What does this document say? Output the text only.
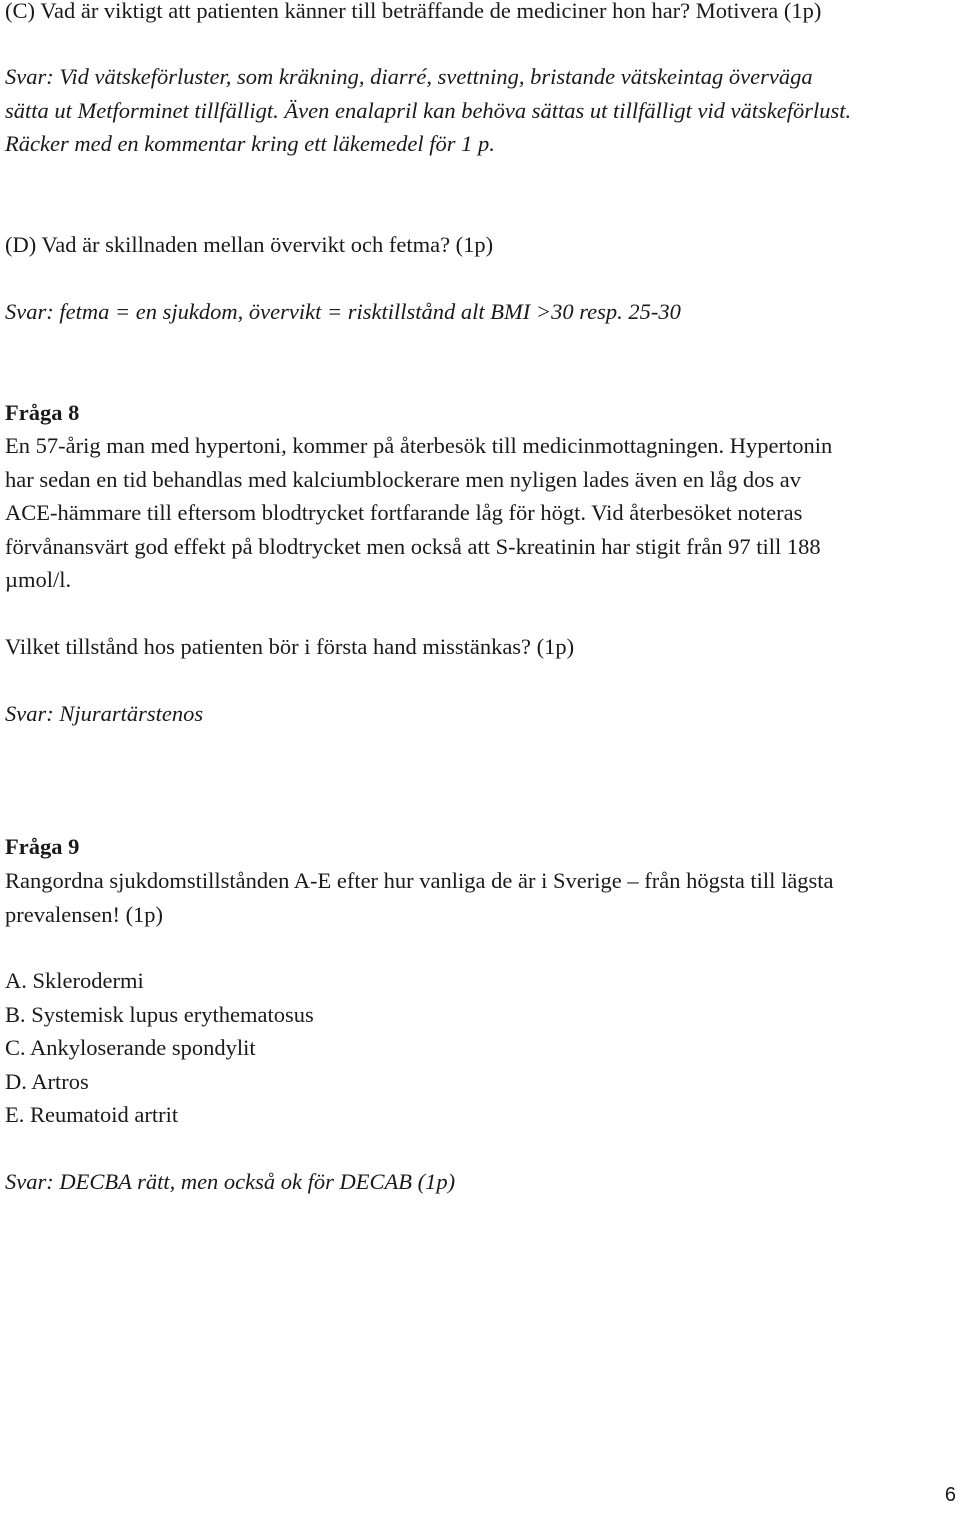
(C) Vad är viktigt att patienten känner till beträffande de mediciner hon har? Motivera (1p)

Svar: Vid vätskeförluster, som kräkning, diarré, svettning, bristande vätskeintag överväga
sätta ut Metforminet tillfälligt. Även enalapril kan behöva sättas ut tillfälligt vid vätskeförlust.
Räcker med en kommentar kring ett läkemedel för 1 p.

(D) Vad är skillnaden mellan övervikt och fetma? (1p)

Svar: fetma = en sjukdom, övervikt = risktillstånd alt BMI >30 resp. 25-30

Fråga 8

En 57-årig man med hypertoni, kommer på återbesök till medicinmottagningen. Hypertonin
har sedan en tid behandlas med kalciumblockerare men nyligen lades även en låg dos av
ACE-hämmare till eftersom blodtrycket fortfarande låg för högt. Vid återbesöket noteras
förvånansvärt god effekt på blodtrycket men också att S-kreatinin har stigit från 97 till 188
µmol/l.

Vilket tillstånd hos patienten bör i första hand misstänkas? (1p)

Svar: Njurartärstenos

Fråga 9

Rangordna sjukdomstillstånden A-E efter hur vanliga de är i Sverige – från högsta till lägsta
prevalensen! (1p)

A. Sklerodermi
B. Systemisk lupus erythematosus
C. Ankyloserande spondylit
D. Artros
E. Reumatoid artrit

Svar: DECBA rätt, men också ok för DECAB (1p)

6
